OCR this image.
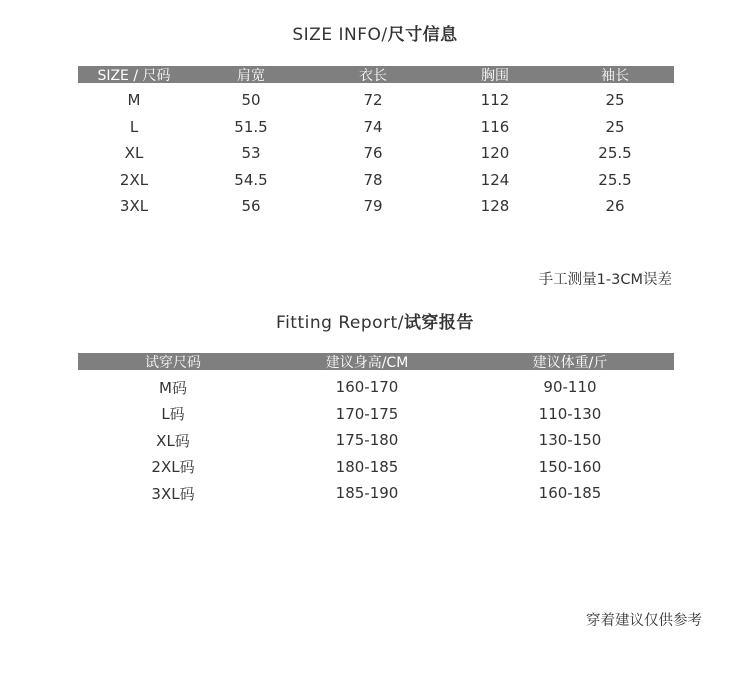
SIZE INFO/尺寸信息
SIZE / 尺码	肩宽	衣长	胸围	袖长
M	50	72	112	25
L	51.5	74	116	25
XL	53	76	120	25.5
2XL	54.5	78	124	25.5
3XL	56	79	128	26
手工测量1-3CM误差
Fitting Report/试穿报告
试穿尺码	建议身高/CM	建议体重/斤
M码	160-170	90-110
L码	170-175	110-130
XL码	175-180	130-150
2XL码	180-185	150-160
3XL码	185-190	160-185
穿着建议仅供参考
